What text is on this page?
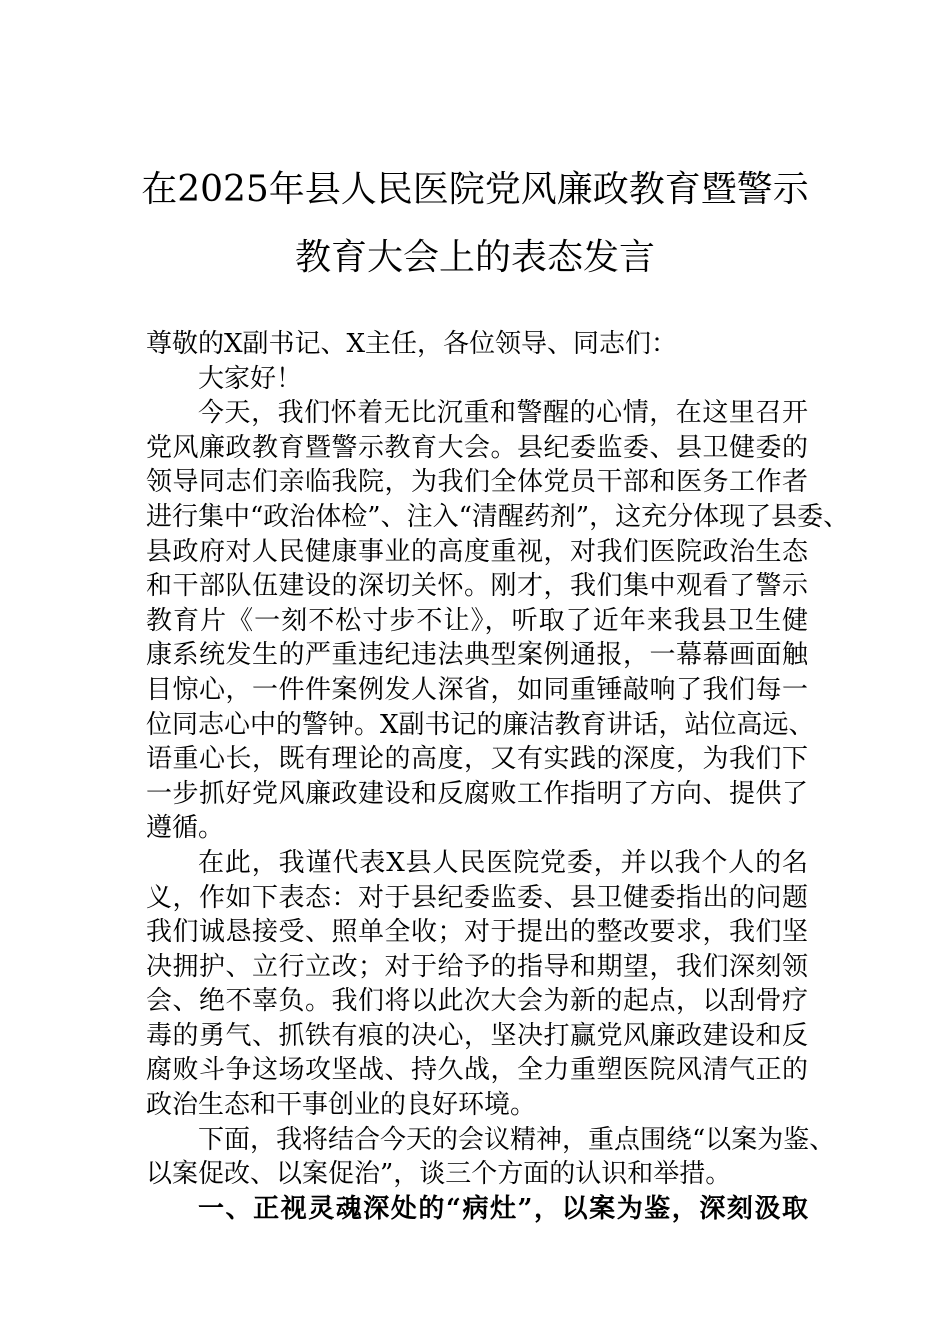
在2025年县人民医院党风廉政教育暨警示
教育大会上的表态发言
尊敬的X副书记、X主任，各位领导、同志们：
大家好！
今天，我们怀着无比沉重和警醒的心情，在这里召开
党风廉政教育暨警示教育大会。县纪委监委、县卫健委的
领导同志们亲临我院，为我们全体党员干部和医务工作者
进行集中“政治体检”、注入“清醒药剂”，这充分体现了县委、
县政府对人民健康事业的高度重视，对我们医院政治生态
和干部队伍建设的深切关怀。刚才，我们集中观看了警示
教育片《一刻不松寸步不让》，听取了近年来我县卫生健
康系统发生的严重违纪违法典型案例通报，一幕幕画面触
目惊心，一件件案例发人深省，如同重锤敲响了我们每一
位同志心中的警钟。X副书记的廉洁教育讲话，站位高远、
语重心长，既有理论的高度，又有实践的深度，为我们下
一步抓好党风廉政建设和反腐败工作指明了方向、提供了
遵循。
在此，我谨代表X县人民医院党委，并以我个人的名
义，作如下表态：对于县纪委监委、县卫健委指出的问题
我们诚恳接受、照单全收；对于提出的整改要求，我们坚
决拥护、立行立改；对于给予的指导和期望，我们深刻领
会、绝不辜负。我们将以此次大会为新的起点，以刮骨疗
毒的勇气、抓铁有痕的决心，坚决打赢党风廉政建设和反
腐败斗争这场攻坚战、持久战，全力重塑医院风清气正的
政治生态和干事创业的良好环境。
下面，我将结合今天的会议精神，重点围绕“以案为鉴、
以案促改、以案促治”，谈三个方面的认识和举措。
一、正视灵魂深处的“病灶”，以案为鉴，深刻汲取
